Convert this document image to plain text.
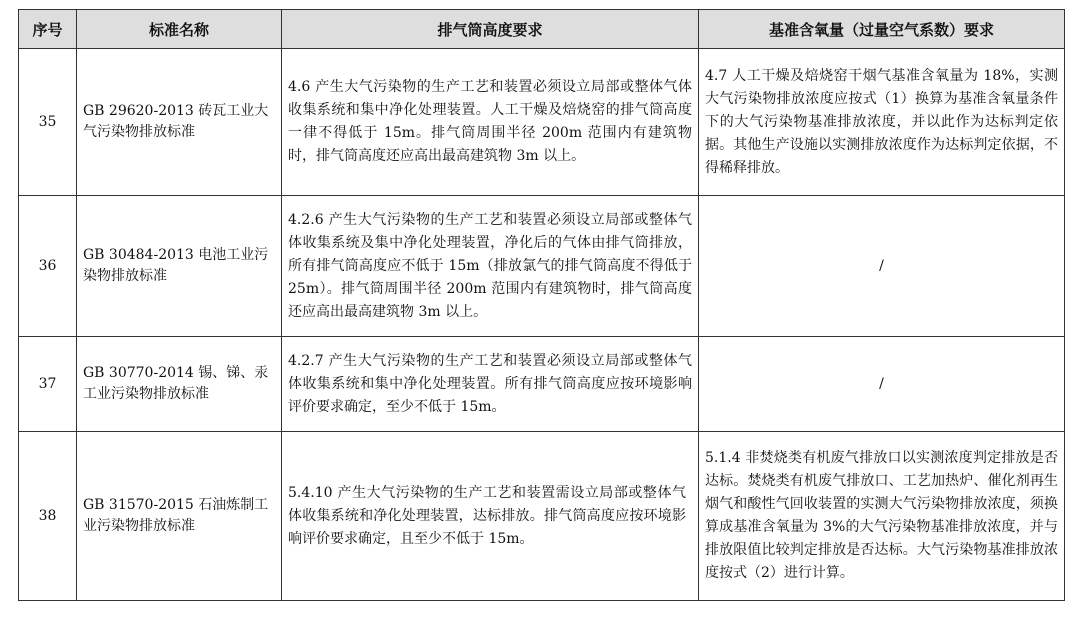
序号	标准名称	排气筒高度要求	基准含氧量（过量空气系数）要求
35	GB 29620-2013 砖瓦工业大气污染物排放标准	4.6 产生大气污染物的生产工艺和装置必须设立局部或整体气体收集系统和集中净化处理装置。人工干燥及焙烧窑的排气筒高度一律不得低于 15m。排气筒周围半径 200m 范围内有建筑物时，排气筒高度还应高出最高建筑物 3m 以上。	4.7 人工干燥及焙烧窑干烟气基准含氧量为 18%，实测大气污染物排放浓度应按式（1）换算为基准含氧量条件下的大气污染物基准排放浓度，并以此作为达标判定依据。其他生产设施以实测排放浓度作为达标判定依据，不得稀释排放。
36	GB 30484-2013 电池工业污染物排放标准	4.2.6 产生大气污染物的生产工艺和装置必须设立局部或整体气体收集系统及集中净化处理装置，净化后的气体由排气筒排放，所有排气筒高度应不低于 15m（排放氯气的排气筒高度不得低于 25m）。排气筒周围半径 200m 范围内有建筑物时，排气筒高度还应高出最高建筑物 3m 以上。	/
37	GB 30770-2014 锡、锑、汞工业污染物排放标准	4.2.7 产生大气污染物的生产工艺和装置必须设立局部或整体气体收集系统和集中净化处理装置。所有排气筒高度应按环境影响评价要求确定，至少不低于 15m。	/
38	GB 31570-2015 石油炼制工业污染物排放标准	5.4.10 产生大气污染物的生产工艺和装置需设立局部或整体气体收集系统和净化处理装置，达标排放。排气筒高度应按环境影响评价要求确定，且至少不低于 15m。	5.1.4 非焚烧类有机废气排放口以实测浓度判定排放是否达标。焚烧类有机废气排放口、工艺加热炉、催化剂再生烟气和酸性气回收装置的实测大气污染物排放浓度，须换算成基准含氧量为 3%的大气污染物基准排放浓度，并与排放限值比较判定排放是否达标。大气污染物基准排放浓度按式（2）进行计算。
